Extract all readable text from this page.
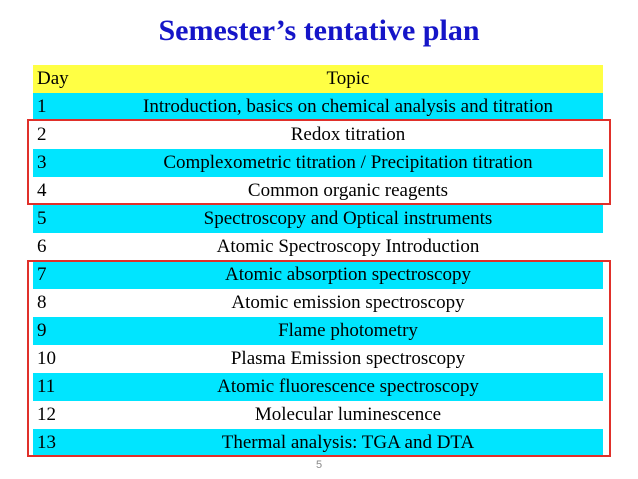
Semester’s tentative plan
Day	Topic
1	Introduction, basics on chemical analysis and titration
2	Redox titration
3	Complexometric titration / Precipitation titration
4	Common organic reagents
5	Spectroscopy and Optical instruments
6	Atomic Spectroscopy Introduction
7	Atomic absorption spectroscopy
8	Atomic emission spectroscopy
9	Flame photometry
10	Plasma Emission spectroscopy
11	Atomic fluorescence spectroscopy
12	Molecular luminescence
13	Thermal analysis: TGA and DTA
5
